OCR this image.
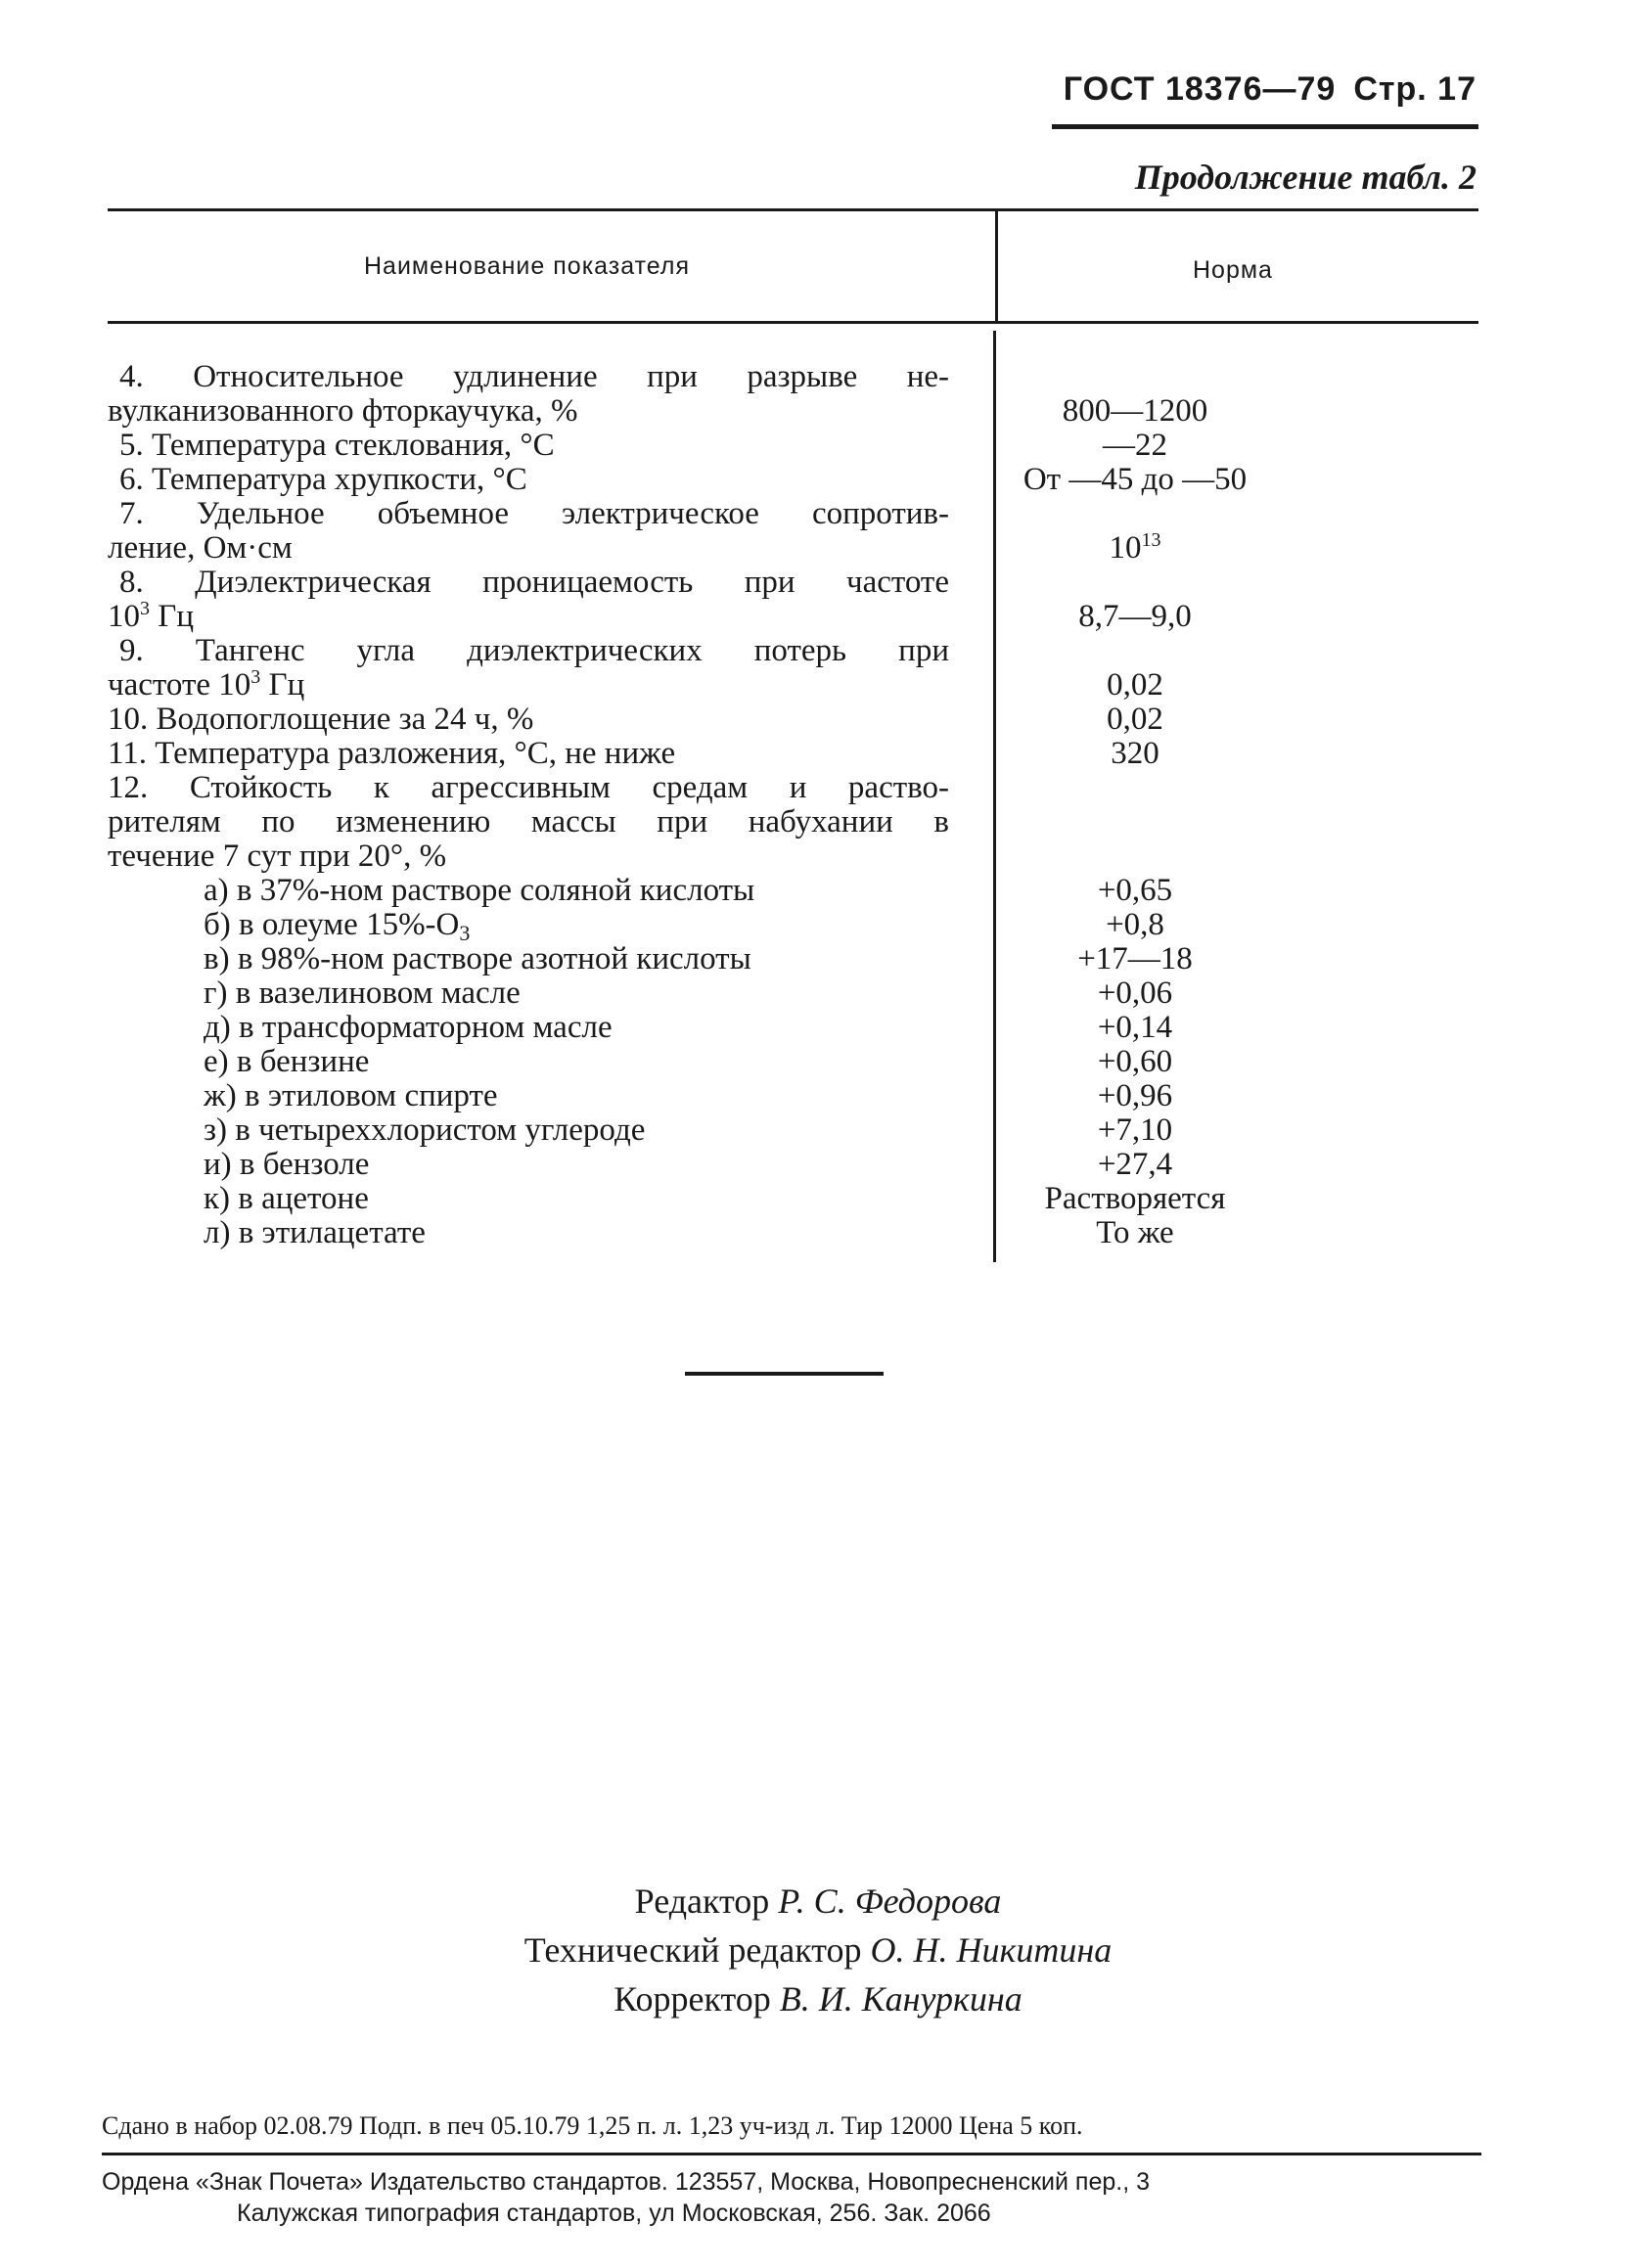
ГОСТ 18376—79 Стр. 17
Продолжение табл. 2
Наименование показателя	Норма
4. Относительное удлинение при разрыве не-
вулканизованного фторкаучука, %	800—1200
5. Температура стеклования, °С	—22
6. Температура хрупкости, °С	От —45 до —50
7. Удельное объемное электрическое сопротив-
ление, Ом·см	$10^{13}$
8. Диэлектрическая проницаемость при частоте
$10^3$ Гц	8,7—9,0
9. Тангенс угла диэлектрических потерь при
частоте $10^3$ Гц	0,02
10. Водопоглощение за 24 ч, %	0,02
11. Температура разложения, °С, не ниже	320
12. Стойкость к агрессивным средам и раство-
рителям по изменению массы при набухании в
течение 7 сут при 20°, %
а) в 37%-ном растворе соляной кислоты	+0,65
б) в олеуме $15\%-O_3$	+0,8
в) в 98%-ном растворе азотной кислоты	+17—18
г) в вазелиновом масле	+0,06
д) в трансформаторном масле	+0,14
е) в бензине	+0,60
ж) в этиловом спирте	+0,96
з) в четыреххлористом углероде	+7,10
и) в бензоле	+27,4
к) в ацетоне	Растворяется
л) в этилацетате	То же
Редактор Р. С. Федорова
Технический редактор О. Н. Никитина
Корректор В. И. Кануркина
Сдано в набор 02.08.79 Подп. в печ 05.10.79 1,25 п. л. 1,23 уч-изд л. Тир 12000 Цена 5 коп.
Ордена «Знак Почета» Издательство стандартов. 123557, Москва, Новопресненский пер., 3
Калужская типография стандартов, ул Московская, 256. Зак. 2066
